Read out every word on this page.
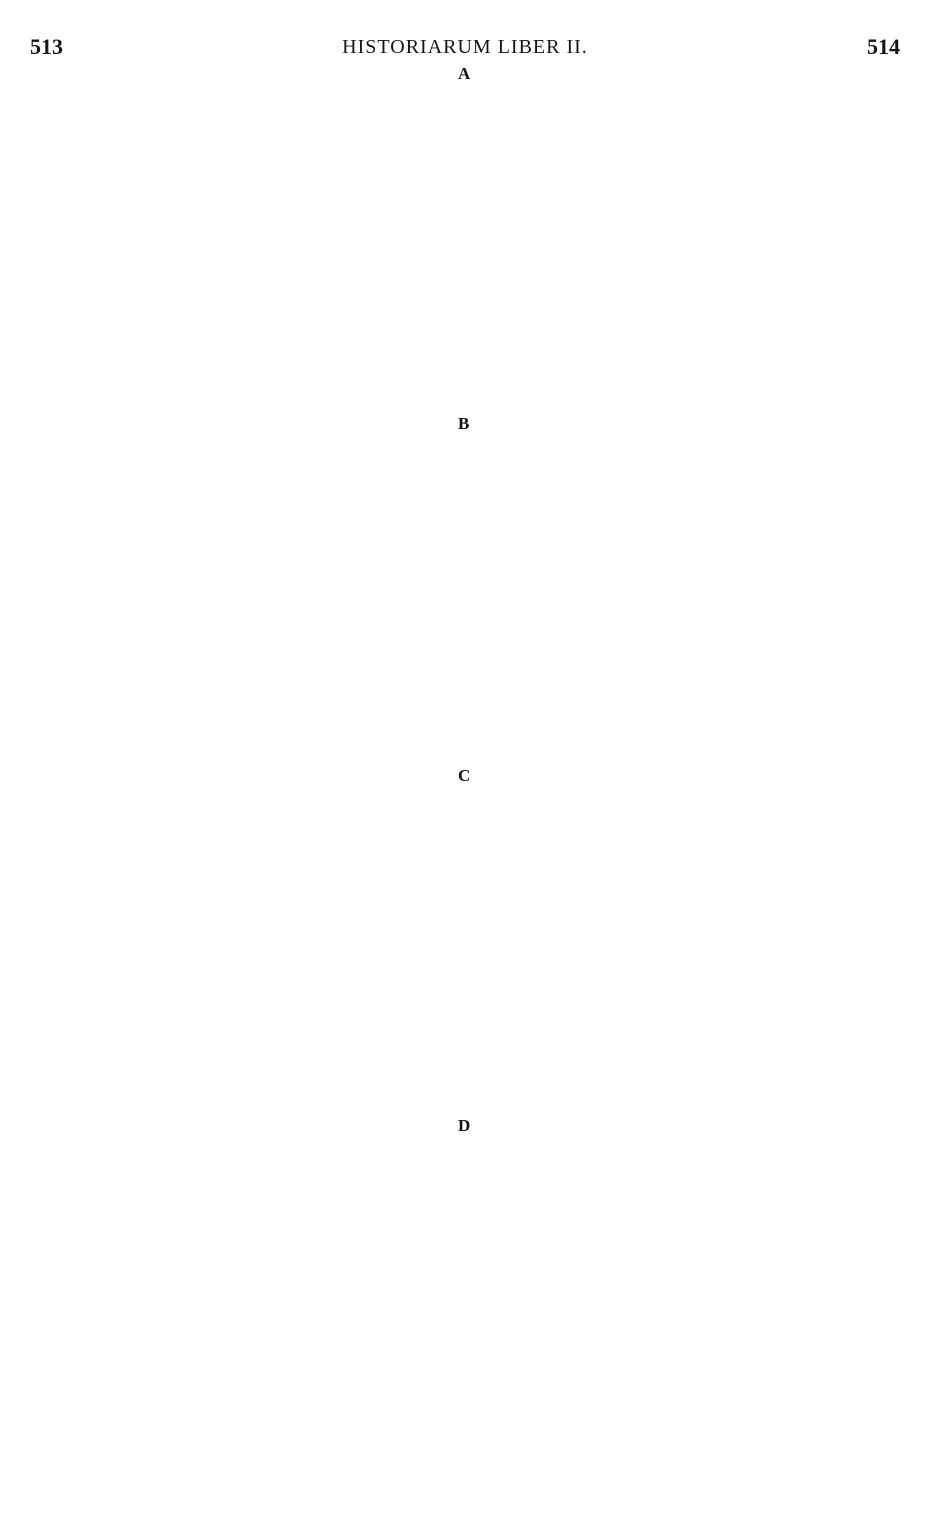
513	HISTORIARUM LIBER II.	514
A
B
C
D
